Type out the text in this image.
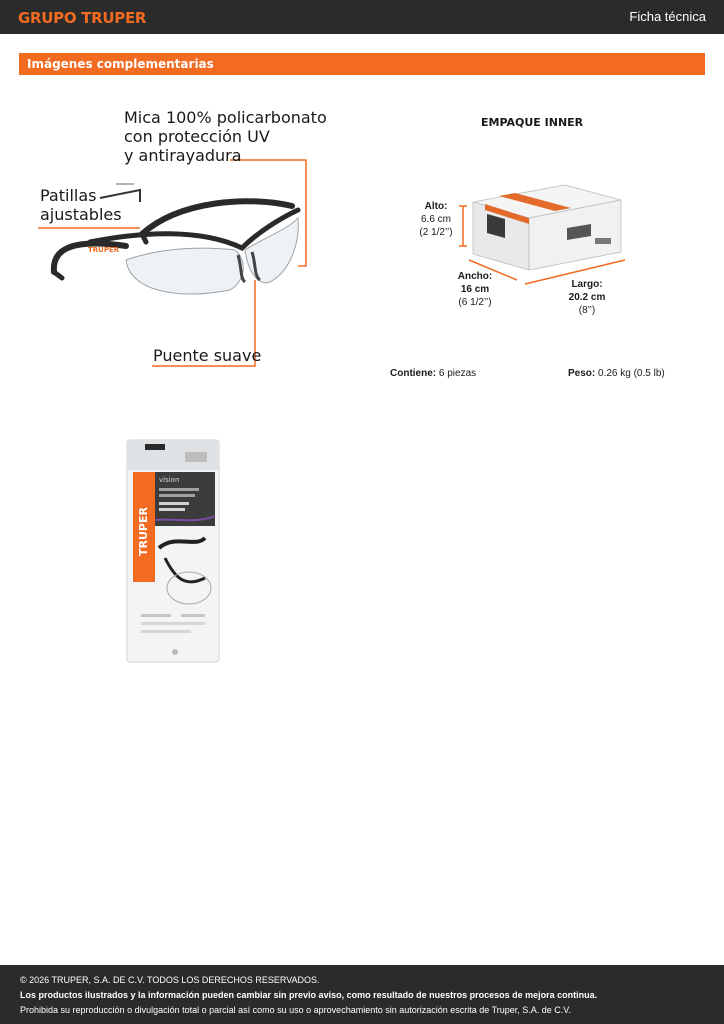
GRUPO TRUPER	Ficha técnica
Imágenes complementarias
TRUPER
Mica 100% policarbonato
con protección UV
y antirayadura
Patillas
ajustables
Puente suave
EMPAQUE INNER
Alto:
6.6 cm
(2 1/2’’)
Ancho:
16 cm
(6 1/2’’)
Largo:
20.2 cm
(8’’)
Contiene: 6 piezas	Peso: 0.26 kg (0.5 lb)
TRUPER
vision
© 2026 TRUPER, S.A. DE C.V. TODOS LOS DERECHOS RESERVADOS.
Los productos ilustrados y la información pueden cambiar sin previo aviso, como resultado de nuestros procesos de mejora continua.
Prohibida su reproducción o divulgación total o parcial así como su uso o aprovechamiento sin autorización escrita de Truper, S.A. de C.V.
